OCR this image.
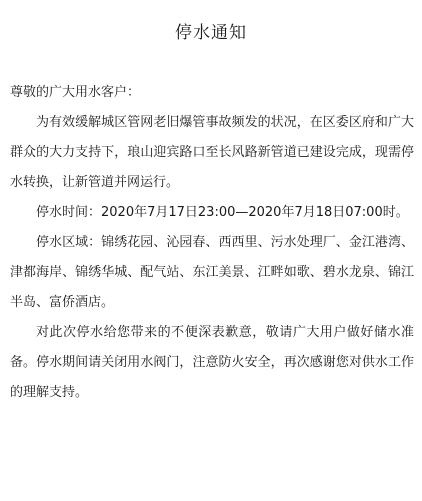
停水通知

尊敬的广大用水客户：

为有效缓解城区管网老旧爆管事故频发的状况，在区委区府和广大群众的大力支持下，琅山迎宾路口至长风路新管道已建设完成，现需停水转换，让新管道并网运行。

停水时间：2020年7月17日23:00—2020年7月18日07:00时。

停水区域：锦绣花园、沁园春、西西里、污水处理厂、金江港湾、津都海岸、锦绣华城、配气站、东江美景、江畔如歌、碧水龙泉、锦江半岛、富侨酒店。

对此次停水给您带来的不便深表歉意，敬请广大用户做好储水准备。停水期间请关闭用水阀门，注意防火安全，再次感谢您对供水工作的理解支持。
